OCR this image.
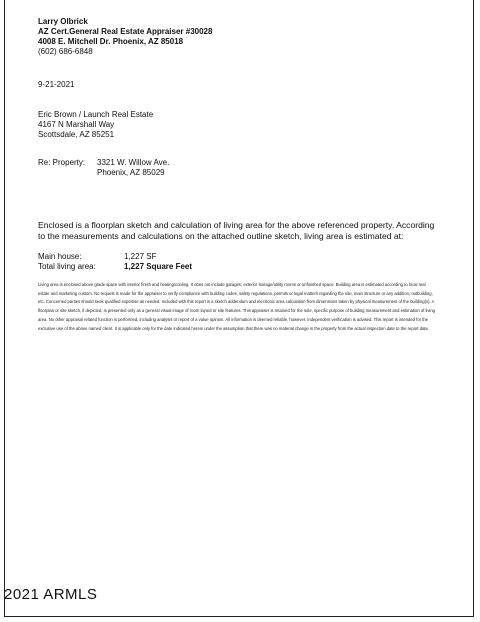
Larry Olbrick
AZ Cert.General Real Estate Appraiser #30028
4008 E. Mitchell Dr. Phoenix, AZ 85018
(602) 686-6848
9-21-2021
Eric Brown / Launch Real Estate
4167 N Marshall Way
Scottsdale, AZ 85251
Re: Property: 3321 W. Willow Ave.
Phoenix, AZ 85029
Enclosed is a floorplan sketch and calculation of living area for the above referenced property. According to the measurements and calculations on the attached outline sketch, living area is estimated at:
Main house:	1,227 SF
Total living area:	1,227 Square Feet
Living area is enclosed above grade space with interior finish and heating/cooling. It does not include garages, exterior storage/utility rooms or unfinished space. Building area is estimated according to local real estate and marketing custom. No request is made for the appraiser to verify compliance with building codes, safety regulations, permits or legal matters regarding the site, main structure or any addition, outbuilding, etc. Concerned parties should seek qualified expertise as needed. Included with this report is a sketch addendum and electronic area calculation from dimensions taken by physical measurement of the building(s). A floorplan or site sketch, if depicted, is presented only as a general visual image of room layout or site features. This appraiser is retained for the sole, specific purpose of building measurement and estimation of living area. No other appraisal related function is performed, including analysis or report of a value opinion. All information is deemed reliable, however, independent verification is advised. This report is intended for the exclusive use of the above named client. It is applicable only for the date indicated herein under the assumption that there was no material change in the property from the actual inspection date to the report date.
2021 ARMLS
